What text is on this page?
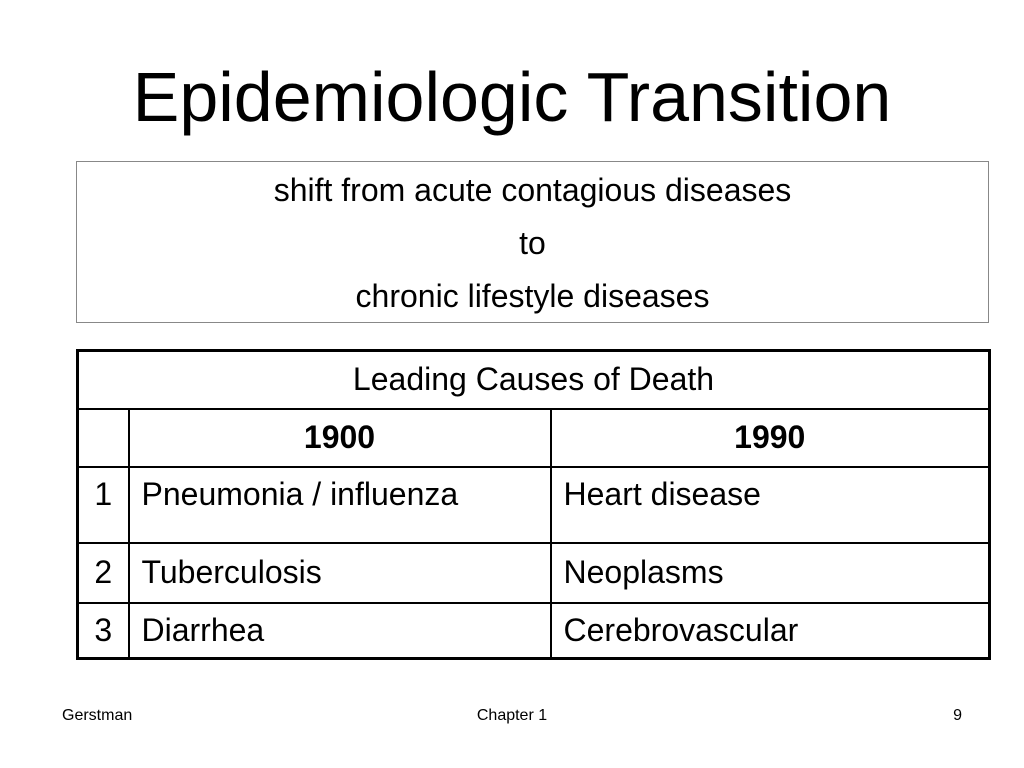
Epidemiologic Transition
shift from acute contagious diseases
to
chronic lifestyle diseases
Leading Causes of Death		
	1900	1990
1	Pneumonia / influenza	Heart disease
2	Tuberculosis	Neoplasms
3	Diarrhea	Cerebrovascular
Gerstman	Chapter 1	9
